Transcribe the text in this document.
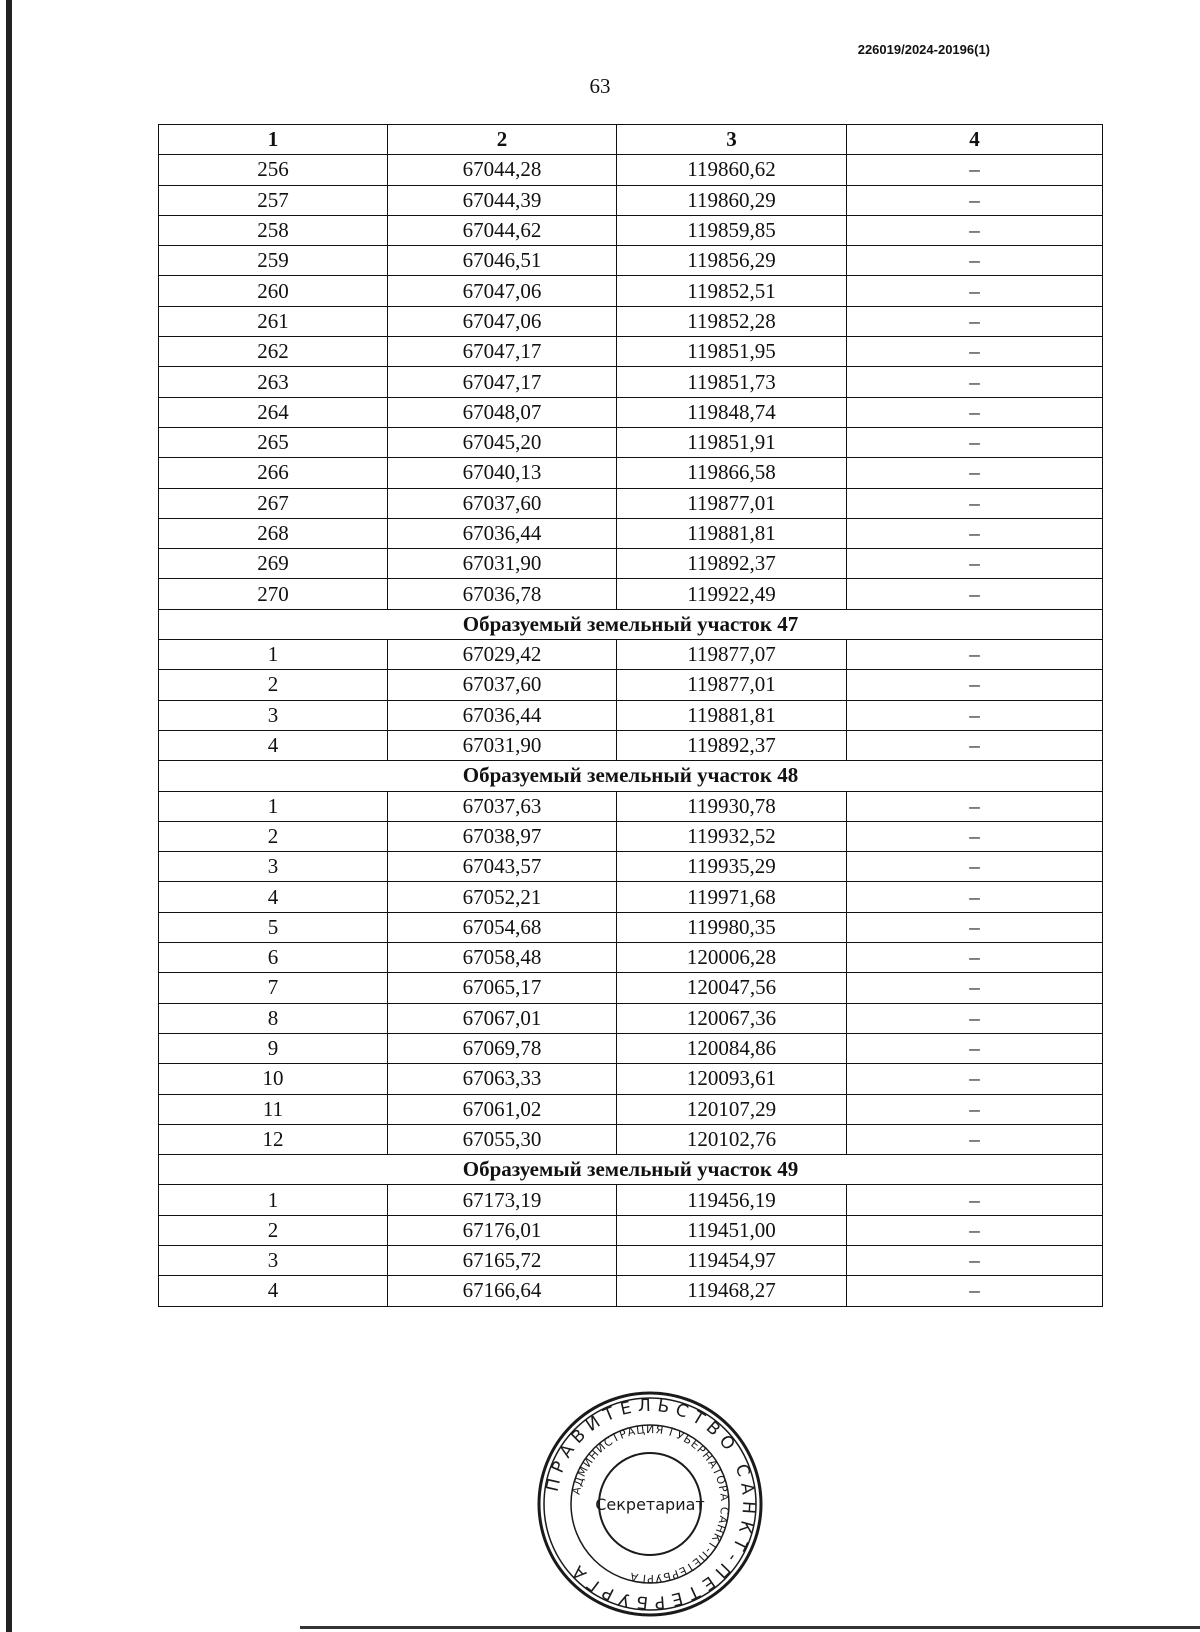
226019/2024-20196(1)
63
1	2	3	4
256	67044,28	119860,62	–
257	67044,39	119860,29	–
258	67044,62	119859,85	–
259	67046,51	119856,29	–
260	67047,06	119852,51	–
261	67047,06	119852,28	–
262	67047,17	119851,95	–
263	67047,17	119851,73	–
264	67048,07	119848,74	–
265	67045,20	119851,91	–
266	67040,13	119866,58	–
267	67037,60	119877,01	–
268	67036,44	119881,81	–
269	67031,90	119892,37	–
270	67036,78	119922,49	–
Образуемый земельный участок 47			
1	67029,42	119877,07	–
2	67037,60	119877,01	–
3	67036,44	119881,81	–
4	67031,90	119892,37	–
Образуемый земельный участок 48			
1	67037,63	119930,78	–
2	67038,97	119932,52	–
3	67043,57	119935,29	–
4	67052,21	119971,68	–
5	67054,68	119980,35	–
6	67058,48	120006,28	–
7	67065,17	120047,56	–
8	67067,01	120067,36	–
9	67069,78	120084,86	–
10	67063,33	120093,61	–
11	67061,02	120107,29	–
12	67055,30	120102,76	–
Образуемый земельный участок 49			
1	67173,19	119456,19	–
2	67176,01	119451,00	–
3	67165,72	119454,97	–
4	67166,64	119468,27	–
ПРАВИТЕЛЬСТВО САНКТ-ПЕТЕРБУРГА
АДМИНИСТРАЦИЯ ГУБЕРНАТОРА САНКТ-ПЕТЕРБУРГА
Секретариат
